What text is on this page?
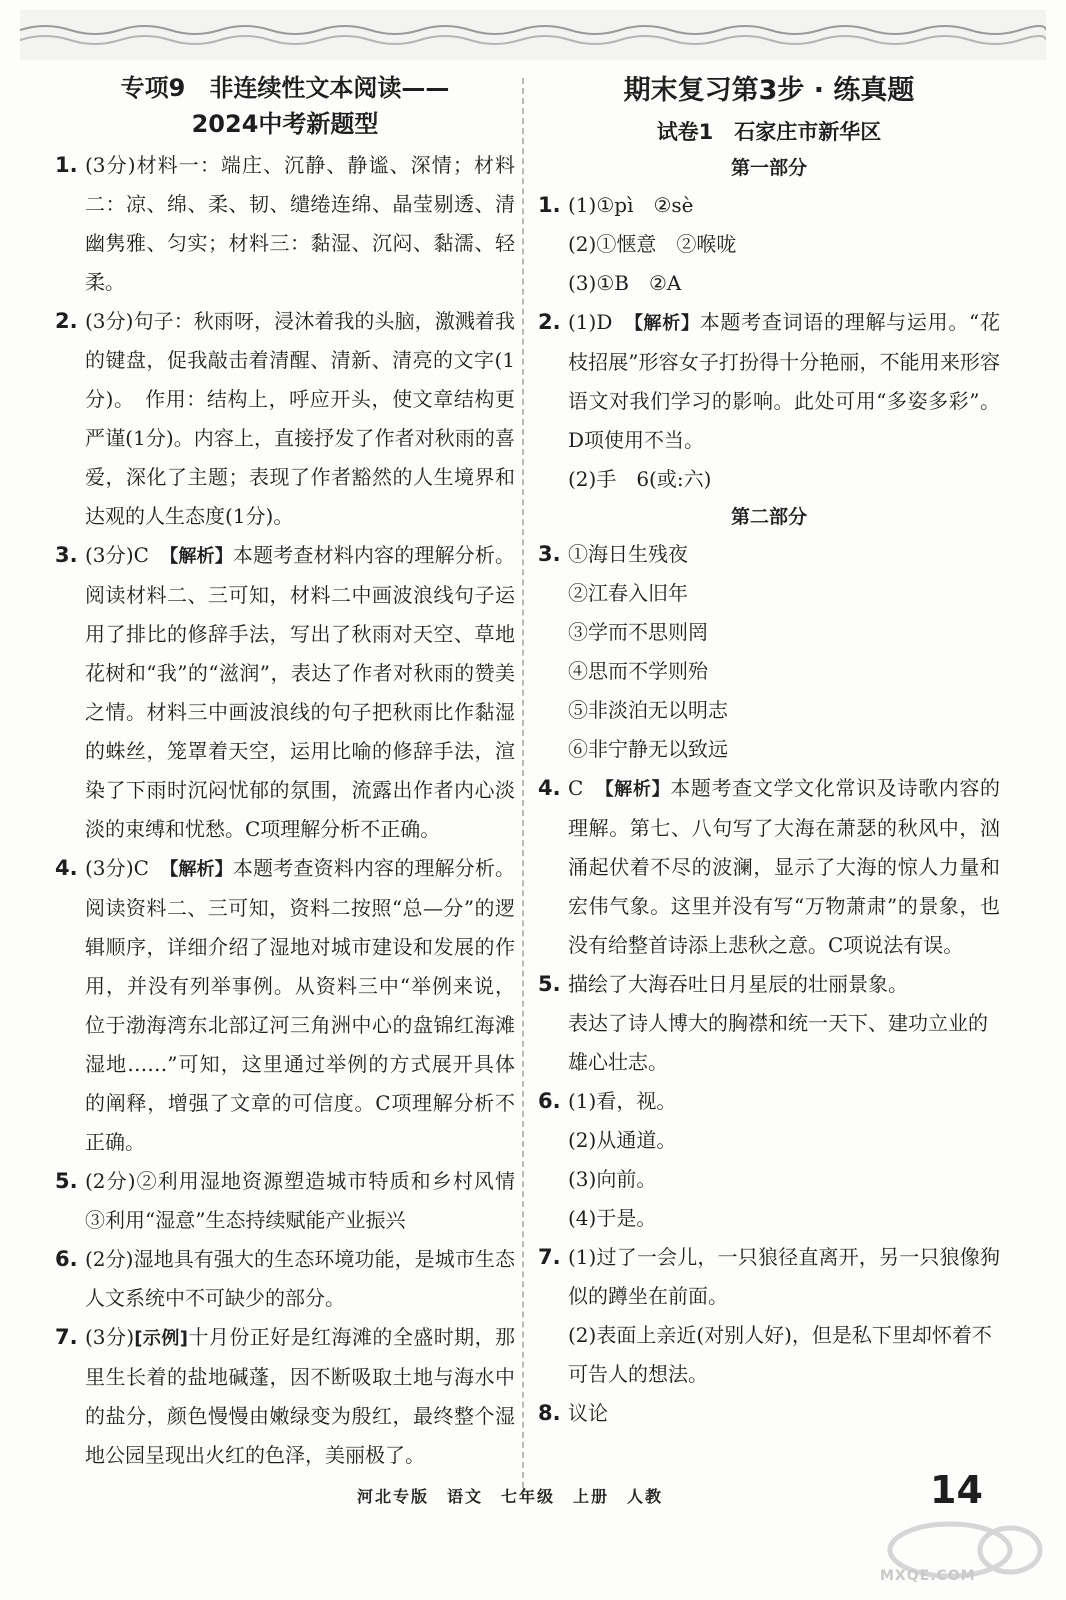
专项9　非连续性文本阅读——
2024中考新题型
1. (3分)材料一：端庄、沉静、静谧、深情；材料二：凉、绵、柔、韧、缱绻连绵、晶莹剔透、清幽隽雅、匀实；材料三：黏湿、沉闷、黏濡、轻柔。
2. (3分)句子：秋雨呀，浸沐着我的头脑，激溅着我的键盘，促我敲击着清醒、清新、清亮的文字(1分)。　作用：结构上，呼应开头，使文章结构更严谨(1分)。内容上，直接抒发了作者对秋雨的喜爱，深化了主题；表现了作者豁然的人生境界和达观的人生态度(1分)。
3. (3分)C　【解析】本题考查材料内容的理解分析。阅读材料二、三可知，材料二中画波浪线句子运用了排比的修辞手法，写出了秋雨对天空、草地花树和“我”的“滋润”，表达了作者对秋雨的赞美之情。材料三中画波浪线的句子把秋雨比作黏湿的蛛丝，笼罩着天空，运用比喻的修辞手法，渲染了下雨时沉闷忧郁的氛围，流露出作者内心淡淡的束缚和忧愁。C项理解分析不正确。
4. (3分)C　【解析】本题考查资料内容的理解分析。阅读资料二、三可知，资料二按照“总—分”的逻辑顺序，详细介绍了湿地对城市建设和发展的作用，并没有列举事例。从资料三中“举例来说，位于渤海湾东北部辽河三角洲中心的盘锦红海滩湿地……”可知，这里通过举例的方式展开具体的阐释，增强了文章的可信度。C项理解分析不正确。
5. (2分)②利用湿地资源塑造城市特质和乡村风情　③利用“湿意”生态持续赋能产业振兴
6. (2分)湿地具有强大的生态环境功能，是城市生态人文系统中不可缺少的部分。
7. (3分)[示例]十月份正好是红海滩的全盛时期，那里生长着的盐地碱蓬，因不断吸取土地与海水中的盐分，颜色慢慢由嫩绿变为殷红，最终整个湿地公园呈现出火红的色泽，美丽极了。
期末复习第3步 · 练真题
试卷1　石家庄市新华区
第一部分
1. (1)①pì　②sè
(2)①惬意　②喉咙
(3)①B　②A
2. (1)D　【解析】本题考查词语的理解与运用。“花枝招展”形容女子打扮得十分艳丽，不能用来形容语文对我们学习的影响。此处可用“多姿多彩”。D项使用不当。
(2)手　6(或:六)
第二部分
3. ①海日生残夜
②江春入旧年
③学而不思则罔
④思而不学则殆
⑤非淡泊无以明志
⑥非宁静无以致远
4. C　【解析】本题考查文学文化常识及诗歌内容的理解。第七、八句写了大海在萧瑟的秋风中，汹涌起伏着不尽的波澜，显示了大海的惊人力量和宏伟气象。这里并没有写“万物萧肃”的景象，也没有给整首诗添上悲秋之意。C项说法有误。
5. 描绘了大海吞吐日月星辰的壮丽景象。
表达了诗人博大的胸襟和统一天下、建功立业的雄心壮志。
6. (1)看，视。
(2)从通道。
(3)向前。
(4)于是。
7. (1)过了一会儿，一只狼径直离开，另一只狼像狗似的蹲坐在前面。
(2)表面上亲近(对别人好)，但是私下里却怀着不可告人的想法。
8. 议论
河北专版　语文　七年级　上册　人教	14
MXQE.COM
